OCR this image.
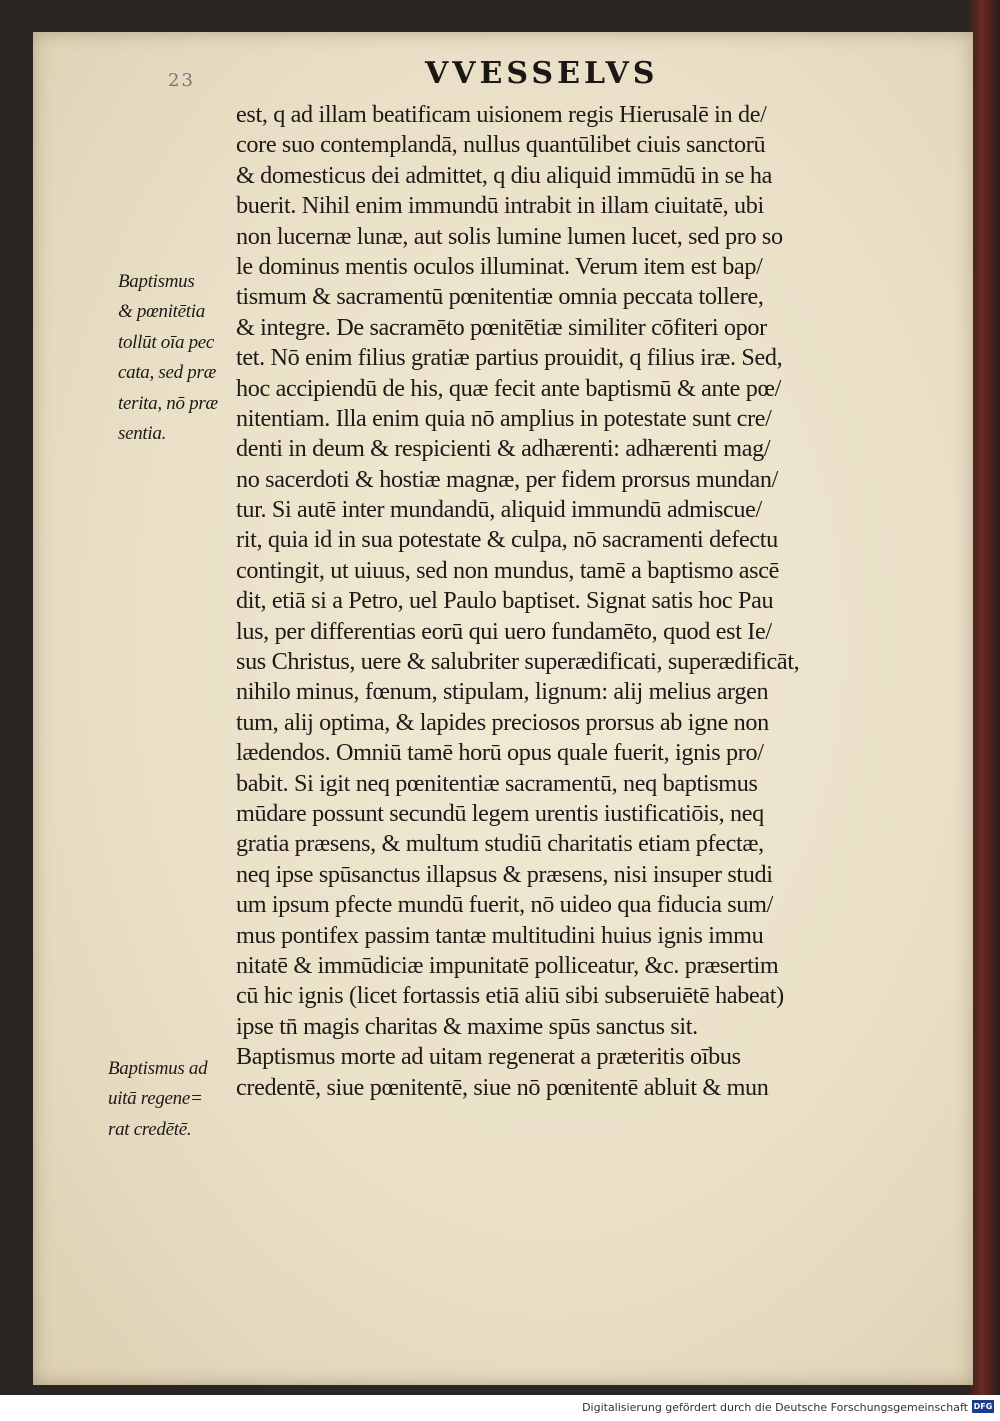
23	VVESSELVS
est, q ad illam beatificam uisionem regis Hierusalē in de/
core suo contemplandā, nullus quantūlibet ciuis sanctorū
& domesticus dei admittet, q diu aliquid immūdū in se ha
buerit. Nihil enim immundū intrabit in illam ciuitatē, ubi
non lucernæ lunæ, aut solis lumine lumen lucet, sed pro so
le dominus mentis oculos illuminat. Verum item est bap/
tismum & sacramentū pœnitentiæ omnia peccata tollere,
& integre. De sacramēto pœnitētiæ similiter cōfiteri opor
tet. Nō enim filius gratiæ partius prouidit, q filius iræ. Sed,
hoc accipiendū de his, quæ fecit ante baptismū & ante pœ/
nitentiam. Illa enim quia nō amplius in potestate sunt cre/
denti in deum & respicienti & adhærenti: adhærenti mag/
no sacerdoti & hostiæ magnæ, per fidem prorsus mundan/
tur. Si autē inter mundandū, aliquid immundū admiscue/
rit, quia id in sua potestate & culpa, nō sacramenti defectu
contingit, ut uiuus, sed non mundus, tamē a baptismo ascē
dit, etiā si a Petro, uel Paulo baptiset. Signat satis hoc Pau
lus, per differentias eorū qui uero fundamēto, quod est Ie/
sus Christus, uere & salubriter superædificati, superædificāt,
nihilo minus, fœnum, stipulam, lignum: alij melius argen
tum, alij optima, & lapides preciosos prorsus ab igne non
lædendos. Omniū tamē horū opus quale fuerit, ignis pro/
babit. Si igit neq pœnitentiæ sacramentū, neq baptismus
mūdare possunt secundū legem urentis iustificatiōis, neq
gratia præsens, & multum studiū charitatis etiam pfectæ,
neq ipse spūsanctus illapsus & præsens, nisi insuper studi
um ipsum pfecte mundū fuerit, nō uideo qua fiducia sum/
mus pontifex passim tantæ multitudini huius ignis immu
nitatē & immūdiciæ impunitatē polliceatur, &c. præsertim
cū hic ignis (licet fortassis etiā aliū sibi subseruiētē habeat)
ipse tn̄ magis charitas & maxime spūs sanctus sit.
Baptismus morte ad uitam regenerat a præteritis oībus
credentē, siue pœnitentē, siue nō pœnitentē abluit & mun
Baptismus
& pœnitētia
tollūt oīa pec
cata, sed præ
terita, nō præ
sentia.
Baptismus ad
uitā regene=
rat credētē.
Digitalisierung gefördert durch die Deutsche Forschungsgemeinschaft DFG
